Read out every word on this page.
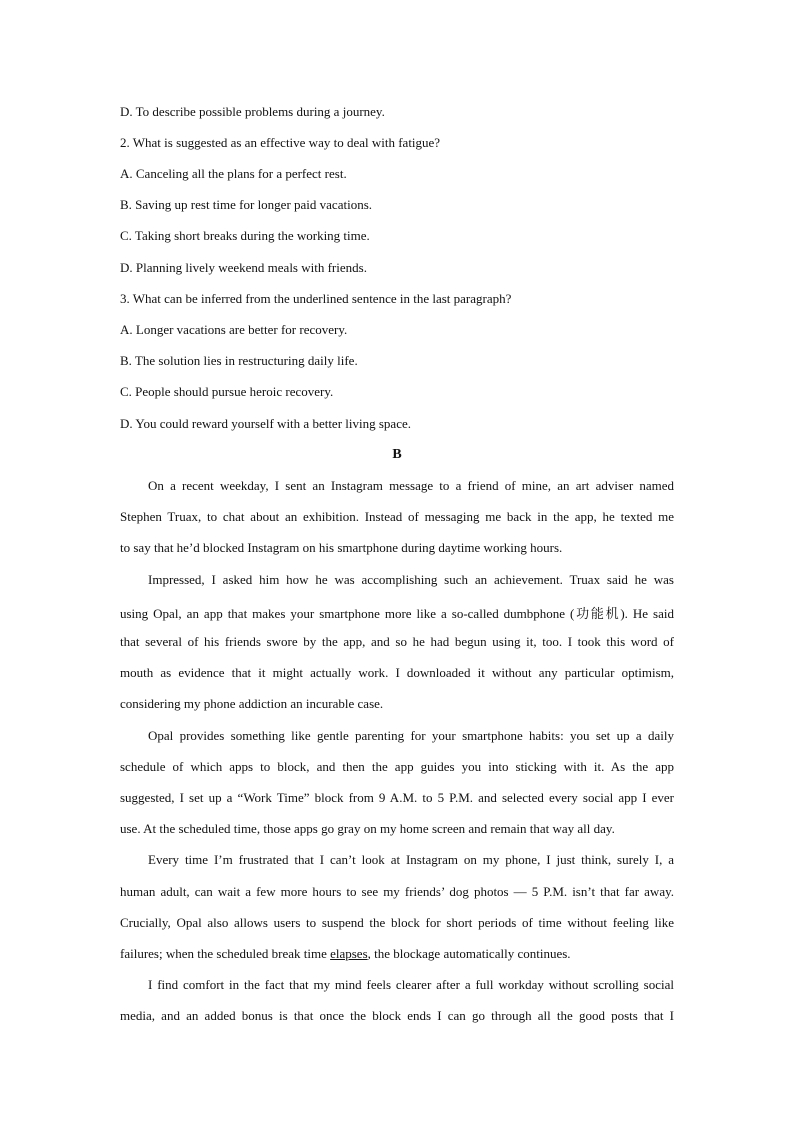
D. To describe possible problems during a journey.
2. What is suggested as an effective way to deal with fatigue?
A. Canceling all the plans for a perfect rest.
B. Saving up rest time for longer paid vacations.
C. Taking short breaks during the working time.
D. Planning lively weekend meals with friends.
3. What can be inferred from the underlined sentence in the last paragraph?
A. Longer vacations are better for recovery.
B. The solution lies in restructuring daily life.
C. People should pursue heroic recovery.
D. You could reward yourself with a better living space.
B
On a recent weekday, I sent an Instagram message to a friend of mine, an art adviser named
Stephen Truax, to chat about an exhibition. Instead of messaging me back in the app, he texted me
to say that he’d blocked Instagram on his smartphone during daytime working hours.
Impressed, I asked him how he was accomplishing such an achievement. Truax said he was
using Opal, an app that makes your smartphone more like a so-called dumbphone (功能机). He said
that several of his friends swore by the app, and so he had begun using it, too. I took this word of
mouth as evidence that it might actually work. I downloaded it without any particular optimism,
considering my phone addiction an incurable case.
Opal provides something like gentle parenting for your smartphone habits: you set up a daily
schedule of which apps to block, and then the app guides you into sticking with it. As the app
suggested, I set up a “Work Time” block from 9 A.M. to 5 P.M. and selected every social app I ever
use. At the scheduled time, those apps go gray on my home screen and remain that way all day.
Every time I’m frustrated that I can’t look at Instagram on my phone, I just think, surely I, a
human adult, can wait a few more hours to see my friends’ dog photos — 5 P.M. isn’t that far away.
Crucially, Opal also allows users to suspend the block for short periods of time without feeling like
failures; when the scheduled break time elapses, the blockage automatically continues.
I find comfort in the fact that my mind feels clearer after a full workday without scrolling social
media, and an added bonus is that once the block ends I can go through all the good posts that I
